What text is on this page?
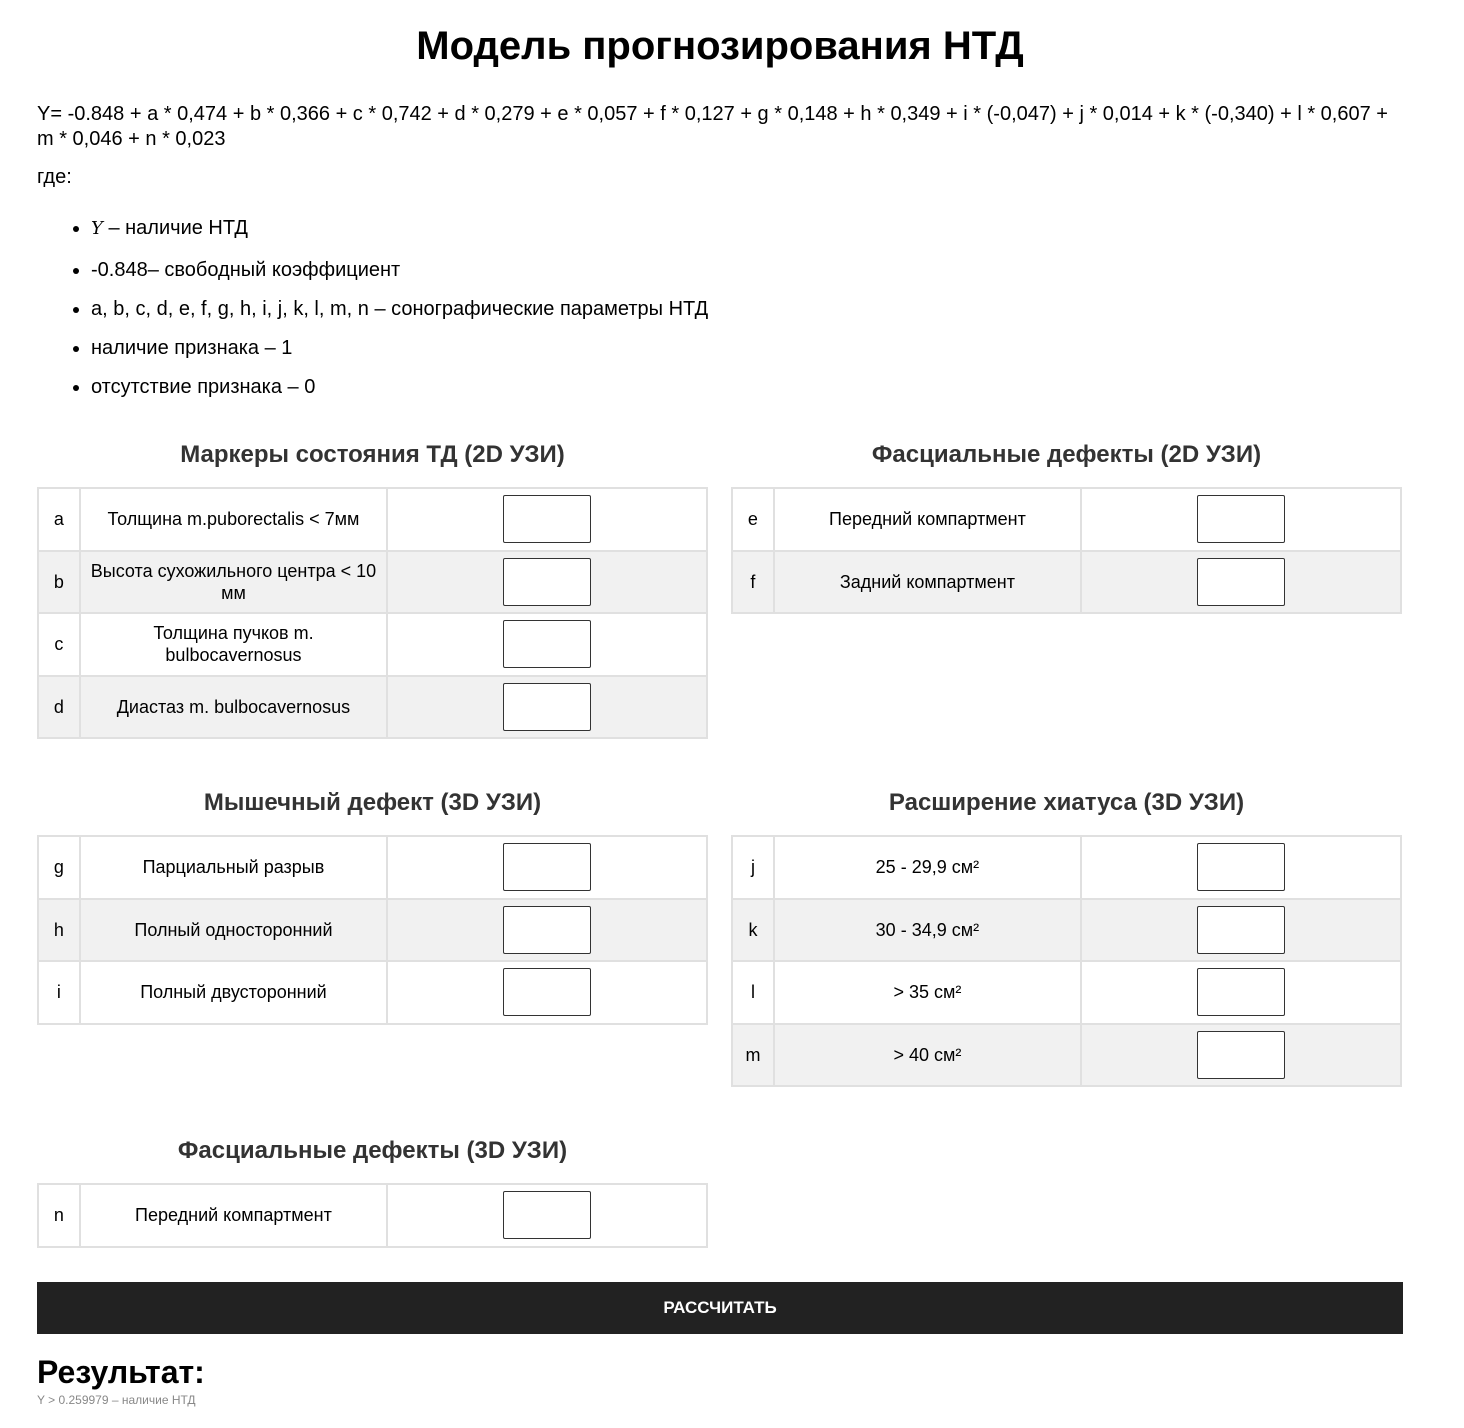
Модель прогнозирования НТД
Y= -0.848 + a * 0,474 + b * 0,366 + c * 0,742 + d * 0,279 + e * 0,057 + f * 0,127 + g * 0,148 + h * 0,349 + i * (-0,047) + j * 0,014 + k * (-0,340) + l * 0,607 + m * 0,046 + n * 0,023
где:
• Y – наличие НТД
• -0.848– свободный коэффициент
• a, b, c, d, e, f, g, h, i, j, k, l, m, n – сонографические параметры НТД
• наличие признака – 1
• отсутствие признака – 0
Маркеры состояния ТД (2D УЗИ)
a	Толщина m.puborectalis < 7мм	
b	Высота сухожильного центра < 10 мм	
c	Толщина пучков m. bulbocavernosus	
d	Диастаз m. bulbocavernosus	
Фасциальные дефекты (2D УЗИ)
e	Передний компартмент	
f	Задний компартмент	
Мышечный дефект (3D УЗИ)
g	Парциальный разрыв	
h	Полный односторонний	
i	Полный двусторонний	
Расширение хиатуса (3D УЗИ)
j	25 - 29,9 см²	
k	30 - 34,9 см²	
l	> 35 см²	
m	> 40 см²	
Фасциальные дефекты (3D УЗИ)
n	Передний компартмент	
РАССЧИТАТЬ
Результат:
Y > 0.259979 – наличие НТД
